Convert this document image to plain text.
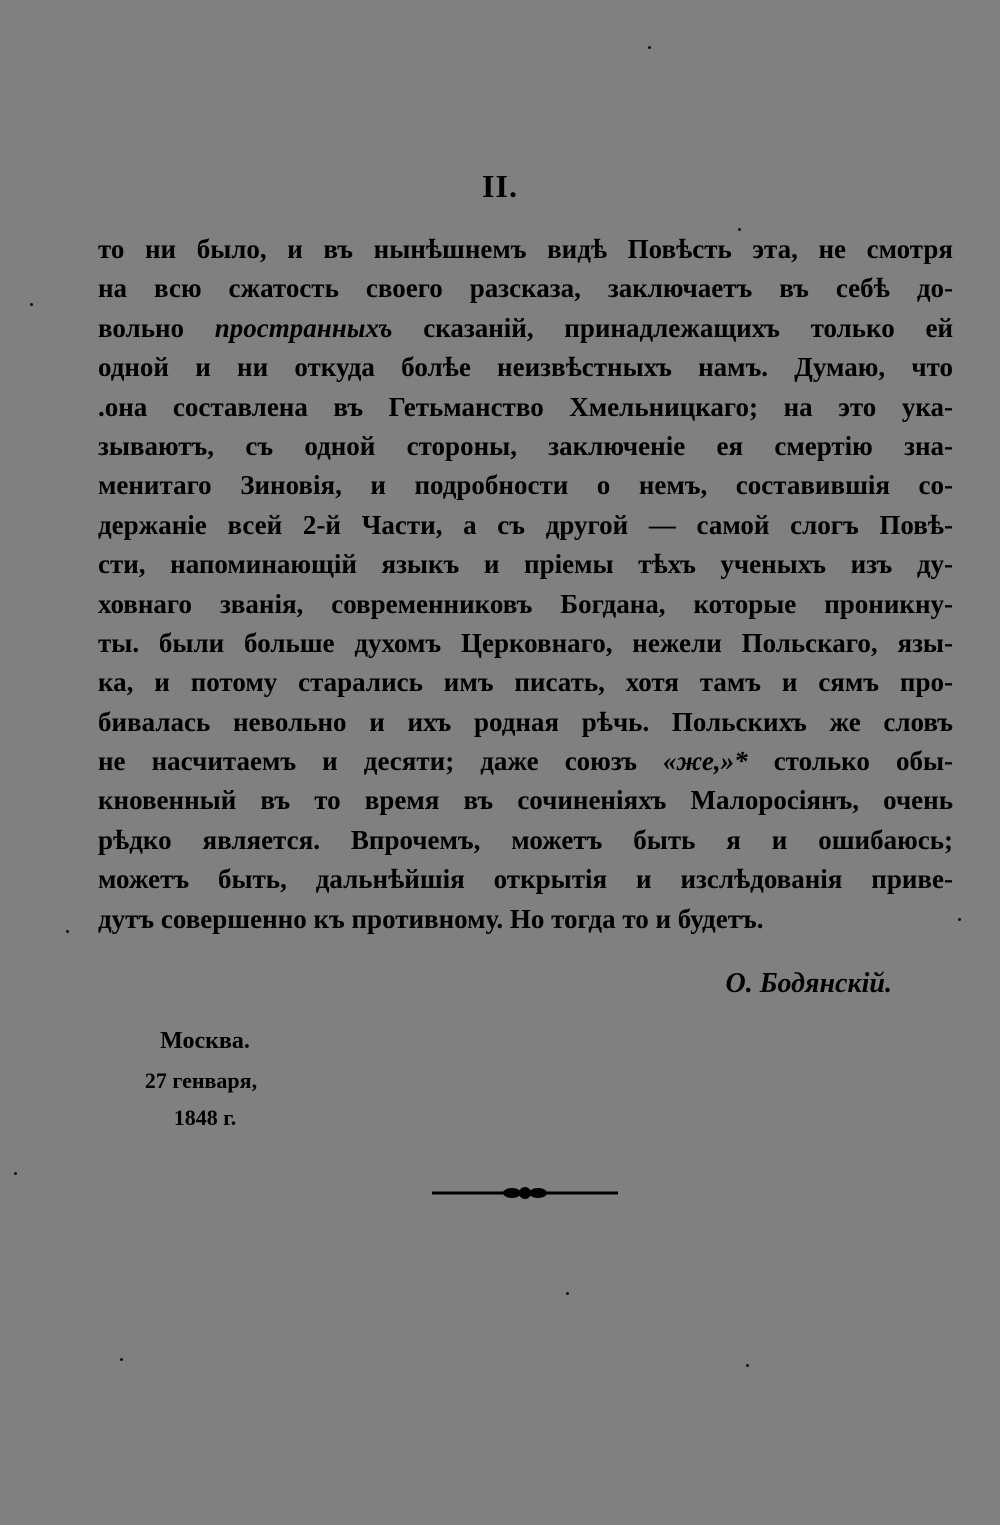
II.
то ни было, и въ нынѣшнемъ видѣ Повѣсть эта, не смотря
на всю сжатость своего разсказа, заключаетъ въ себѣ до-
вольно пространныхъ сказаній, принадлежащихъ только ей
одной и ни откуда болѣе неизвѣстныхъ намъ. Думаю, что
.она составлена въ Гетьманство Хмельницкаго; на это ука-
зываютъ, съ одной стороны, заключенiе ея смертiю зна-
менитаго Зиновiя, и подробности о немъ, составившiя со-
держанiе всей 2-й Части, а съ другой — самой слогъ Повѣ-
сти, напоминающiй языкъ и прiемы тѣхъ ученыхъ изъ ду-
ховнаго званiя, современниковъ Богдана, которые проникну-
ты. были больше духомъ Церковнаго, нежели Польскаго, язы-
ка, и потому старались имъ писать, хотя тамъ и сямъ про-
бивалась невольно и ихъ родная рѣчь. Польскихъ же словъ
не насчитаемъ и десяти; даже союзъ «же,»* столько обы-
кновенный въ то время въ сочиненiяхъ Малоросiянъ, очень
рѣдко является. Впрочемъ, можетъ быть я и ошибаюсь;
можетъ быть, дальнѣйшiя открытiя и изслѣдованiя приве-
дутъ совершенно къ противному. Но тогда то и будетъ.
О. Бодянскiй.
Москва.
27 генваря,
1848 г.
